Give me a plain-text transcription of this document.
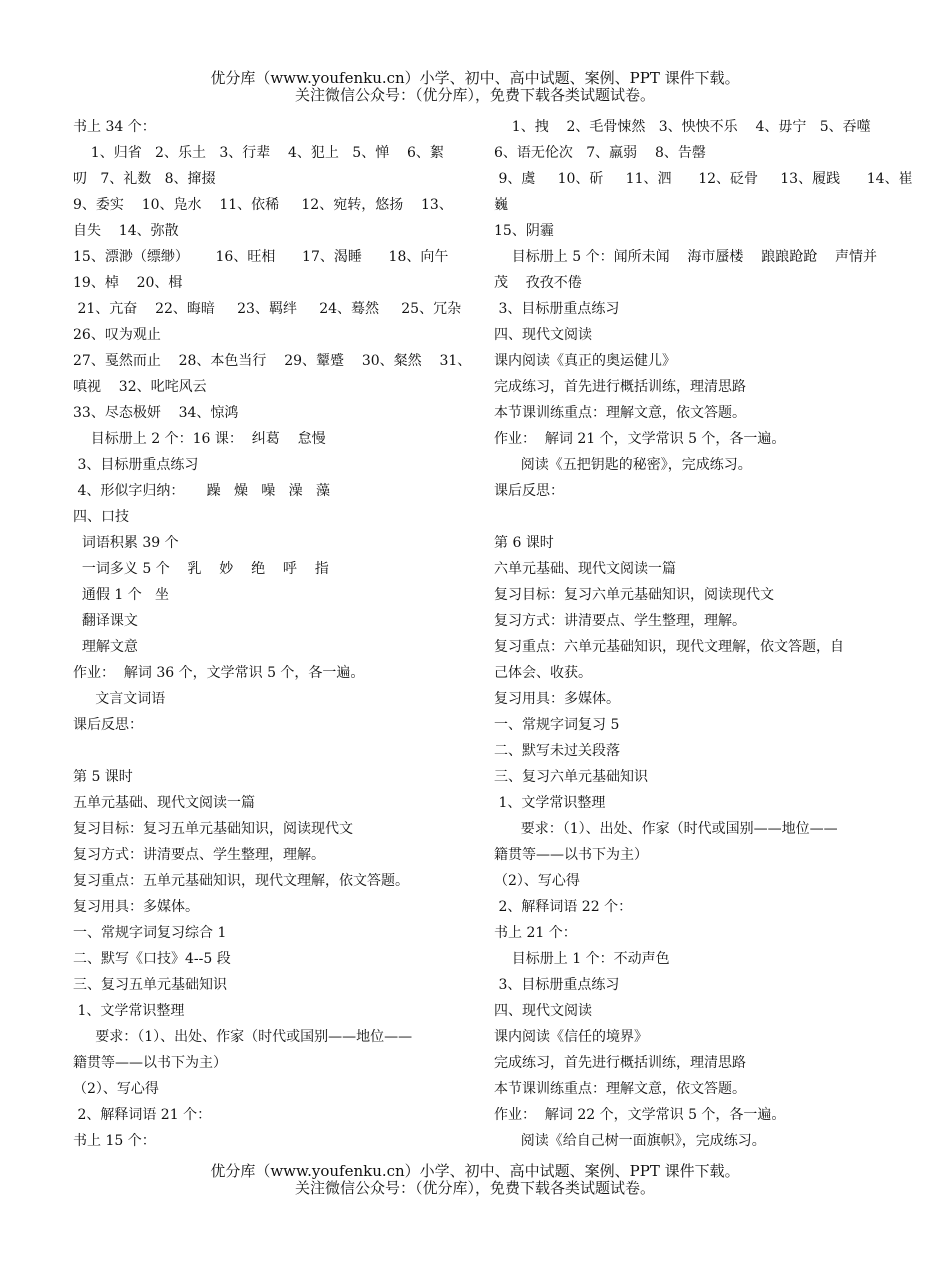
优分库（www.youfenku.cn）小学、初中、高中试题、案例、PPT 课件下载。
关注微信公众号：（优分库），免费下载各类试题试卷。
书上 34 个：
1、归省   2、乐土   3、行辈    4、犯上   5、惮    6、絮
叨   7、礼数   8、撺掇
9、委实    10、凫水    11、依稀     12、宛转，悠扬    13、
自失    14、弥散
15、漂渺（缥缈）      16、旺相      17、渴睡      18、向午
19、棹    20、楫
21、亢奋    22、晦暗     23、羁绊     24、蓦然     25、冗杂
26、叹为观止
27、戛然而止    28、本色当行    29、颦蹙    30、粲然    31、
嗔视    32、叱咤风云
33、尽态极妍    34、惊鸿
目标册上 2 个：16 课：  纠葛    怠慢
3、目标册重点练习
4、形似字归纳：     躁   燥   噪   澡   藻
四、口技
词语积累 39 个
一词多义 5 个    乳    妙    绝    呼    指
通假 1 个   坐
翻译课文
理解文意
作业：  解词 36 个，文学常识 5 个，各一遍。
文言文词语
课后反思：
第 5 课时
五单元基础、现代文阅读一篇
复习目标：复习五单元基础知识，阅读现代文
复习方式：讲清要点、学生整理，理解。
复习重点：五单元基础知识，现代文理解，依文答题。
复习用具：多媒体。
一、常规字词复习综合 1
二、默写《口技》4--5 段
三、复习五单元基础知识
1、文学常识整理
要求：（1）、出处、作家（时代或国别——地位——
籍贯等——以书下为主）
（2）、写心得
2、解释词语 21 个：
书上 15 个：
1、拽    2、毛骨悚然   3、怏怏不乐    4、毋宁   5、吞噬
6、语无伦次   7、羸弱    8、告罄
9、虞     10、斫     11、泗      12、砭骨     13、履践      14、崔
巍
15、阴霾
目标册上 5 个：闻所未闻    海市蜃楼    踉踉跄跄    声情并
茂    孜孜不倦
3、目标册重点练习
四、现代文阅读
课内阅读《真正的奥运健儿》
完成练习，首先进行概括训练，理清思路
本节课训练重点：理解文意，依文答题。
作业：  解词 21 个，文学常识 5 个，各一遍。
阅读《五把钥匙的秘密》，完成练习。
课后反思：
第 6 课时
六单元基础、现代文阅读一篇
复习目标：复习六单元基础知识，阅读现代文
复习方式：讲清要点、学生整理，理解。
复习重点：六单元基础知识，现代文理解，依文答题，自
己体会、收获。
复习用具：多媒体。
一、常规字词复习 5
二、默写未过关段落
三、复习六单元基础知识
1、文学常识整理
要求：（1）、出处、作家（时代或国别——地位——
籍贯等——以书下为主）
（2）、写心得
2、解释词语 22 个：
书上 21 个：
目标册上 1 个：不动声色
3、目标册重点练习
四、现代文阅读
课内阅读《信任的境界》
完成练习，首先进行概括训练，理清思路
本节课训练重点：理解文意，依文答题。
作业：  解词 22 个，文学常识 5 个，各一遍。
阅读《给自己树一面旗帜》，完成练习。
优分库（www.youfenku.cn）小学、初中、高中试题、案例、PPT 课件下载。
关注微信公众号：（优分库），免费下载各类试题试卷。
